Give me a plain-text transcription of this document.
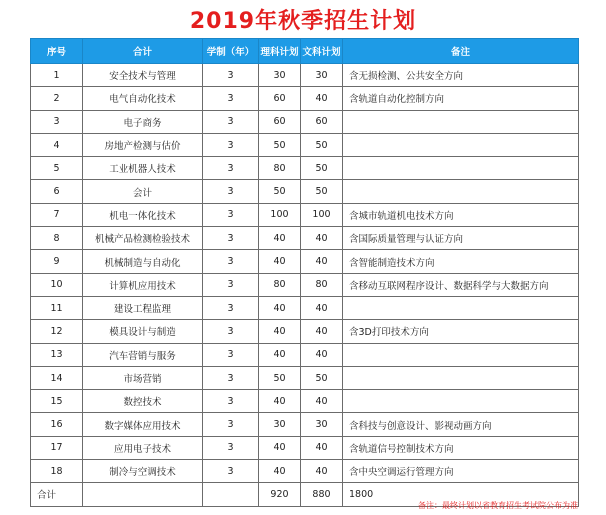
2019年秋季招生计划
序号	合计	学制（年）	理科计划	文科计划	备注
1	安全技术与管理	3	30	30	含无损检测、公共安全方向
2	电气自动化技术	3	60	40	含轨道自动化控制方向
3	电子商务	3	60	60	
4	房地产检测与估价	3	50	50	
5	工业机器人技术	3	80	50	
6	会计	3	50	50	
7	机电一体化技术	3	100	100	含城市轨道机电技术方向
8	机械产品检测检验技术	3	40	40	含国际质量管理与认证方向
9	机械制造与自动化	3	40	40	含智能制造技术方向
10	计算机应用技术	3	80	80	含移动互联网程序设计、数据科学与大数据方向
11	建设工程监理	3	40	40	
12	模具设计与制造	3	40	40	含3D打印技术方向
13	汽车营销与服务	3	40	40	
14	市场营销	3	50	50	
15	数控技术	3	40	40	
16	数字媒体应用技术	3	30	30	含科技与创意设计、影视动画方向
17	应用电子技术	3	40	40	含轨道信号控制技术方向
18	制冷与空调技术	3	40	40	含中央空调运行管理方向
合计			920	880	1800
备注：最终计划以省教育招生考试院公布为准
